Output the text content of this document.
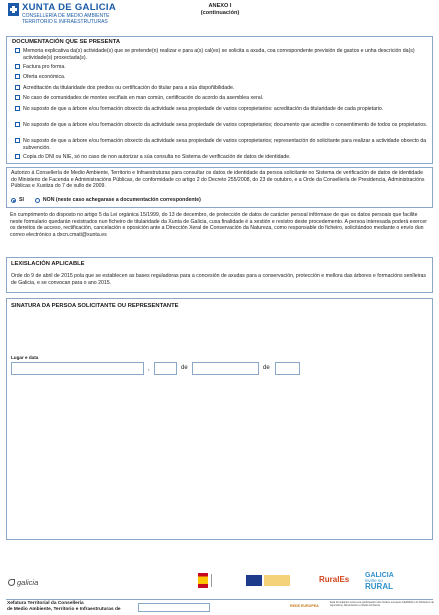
XUNTA DE GALICIA
CONSELLERÍA DE MEDIO AMBIENTE
TERRITORIO E INFRAESTRUTURAS
ANEXO I
(continuación)
DOCUMENTACIÓN QUE SE PRESENTA
Memoria explicativa da(s) actividade(s) que se pretende(n) realizar e para a(s) cal(es) se solicita a axuda, coa correspondente previsión de gastos e unha descrición da(s) actividade(s) proxectada(s).
Factura pro forma.
Oferta económica.
Acreditación da titularidade dos predios ou certificación do titular para a súa dispoñibilidade.
No caso de comunidades de montes veciñais en man común, certificación do acordo da asemblea xeral.
No suposto de que a árbore e/ou formación obxecto da actividade sexa propiedade de varios copropietarios: acreditación da titularidade de cada propietario.
No suposto de que a árbore e/ou formación obxecto da actividade sexa propiedade de varios copropietarios; documento que acredite o consentimento de todos os propietarios.
No suposto de que a árbore e/ou formación obxecto da actividade sexa propiedade de varios copropietarios; representación do solicitante para realizar a actividade obxecto da subvención.
Copia do DNI ou NIE, só no caso de non autorizar a súa consulta no Sistema de verificación de datos de identidade.
Autorizo á Consellería de Medio Ambiente, Territorio e Infraestruturas para consultar os datos de identidade da persoa solicitante no Sistema de verificación de datos de identidade do Ministerio de Facenda e Administracións Públicas, de conformidade co artigo 2 do Decreto 255/2008, do 23 de outubro, e a Orde da Consellería de Presidencia, Administracións Públicas e Xustiza do 7 de xullo de 2009.
SI	NON (neste caso achegarase a documentación correspondente)
En cumprimento do disposto no artigo 5 da Lei orgánica 15/1999, do 13 de decembro, de protección de datos de carácter persoal infórmase de que os datos persoais que facilite neste formulario quedarán rexistrados nun ficheiro de titularidade da Xunta de Galicia, cuxa finalidade é a xestión e rexistro deste procedemento. A persoa interesada poderá exercer os dereitos de acceso, rectificación, cancelación e oposición ante a Dirección Xeral de Conservación da Natureza, como responsable do ficheiro, solicitándoo mediante o envío dun correo electrónico a dxcn.cmati@xunta.es
LEXISLACIÓN APLICABLE
Orde do 9 de abril de 2015 pola que se establecen as bases reguladoras para a concesión de axudas para a conservación, protección e mellora das árbores e formacións senlleiras de Galicia, e se convocan para o ano 2015.
SINATURA DA PERSOA SOLICITANTE OU REPRESENTANTE
Lugar e data
,	de	de
galicia	RuralEs GALICIA
invirte no
RURAL
Xefatura Territorial da Consellería
de Medio Ambiente, Territorio e Infraestruturas de
REDE EUROPEA
Esta formulación conta coa participación dos fondos europeos FEADER e do Ministerio de Agricultura, Alimentación e Medio Ambiente
